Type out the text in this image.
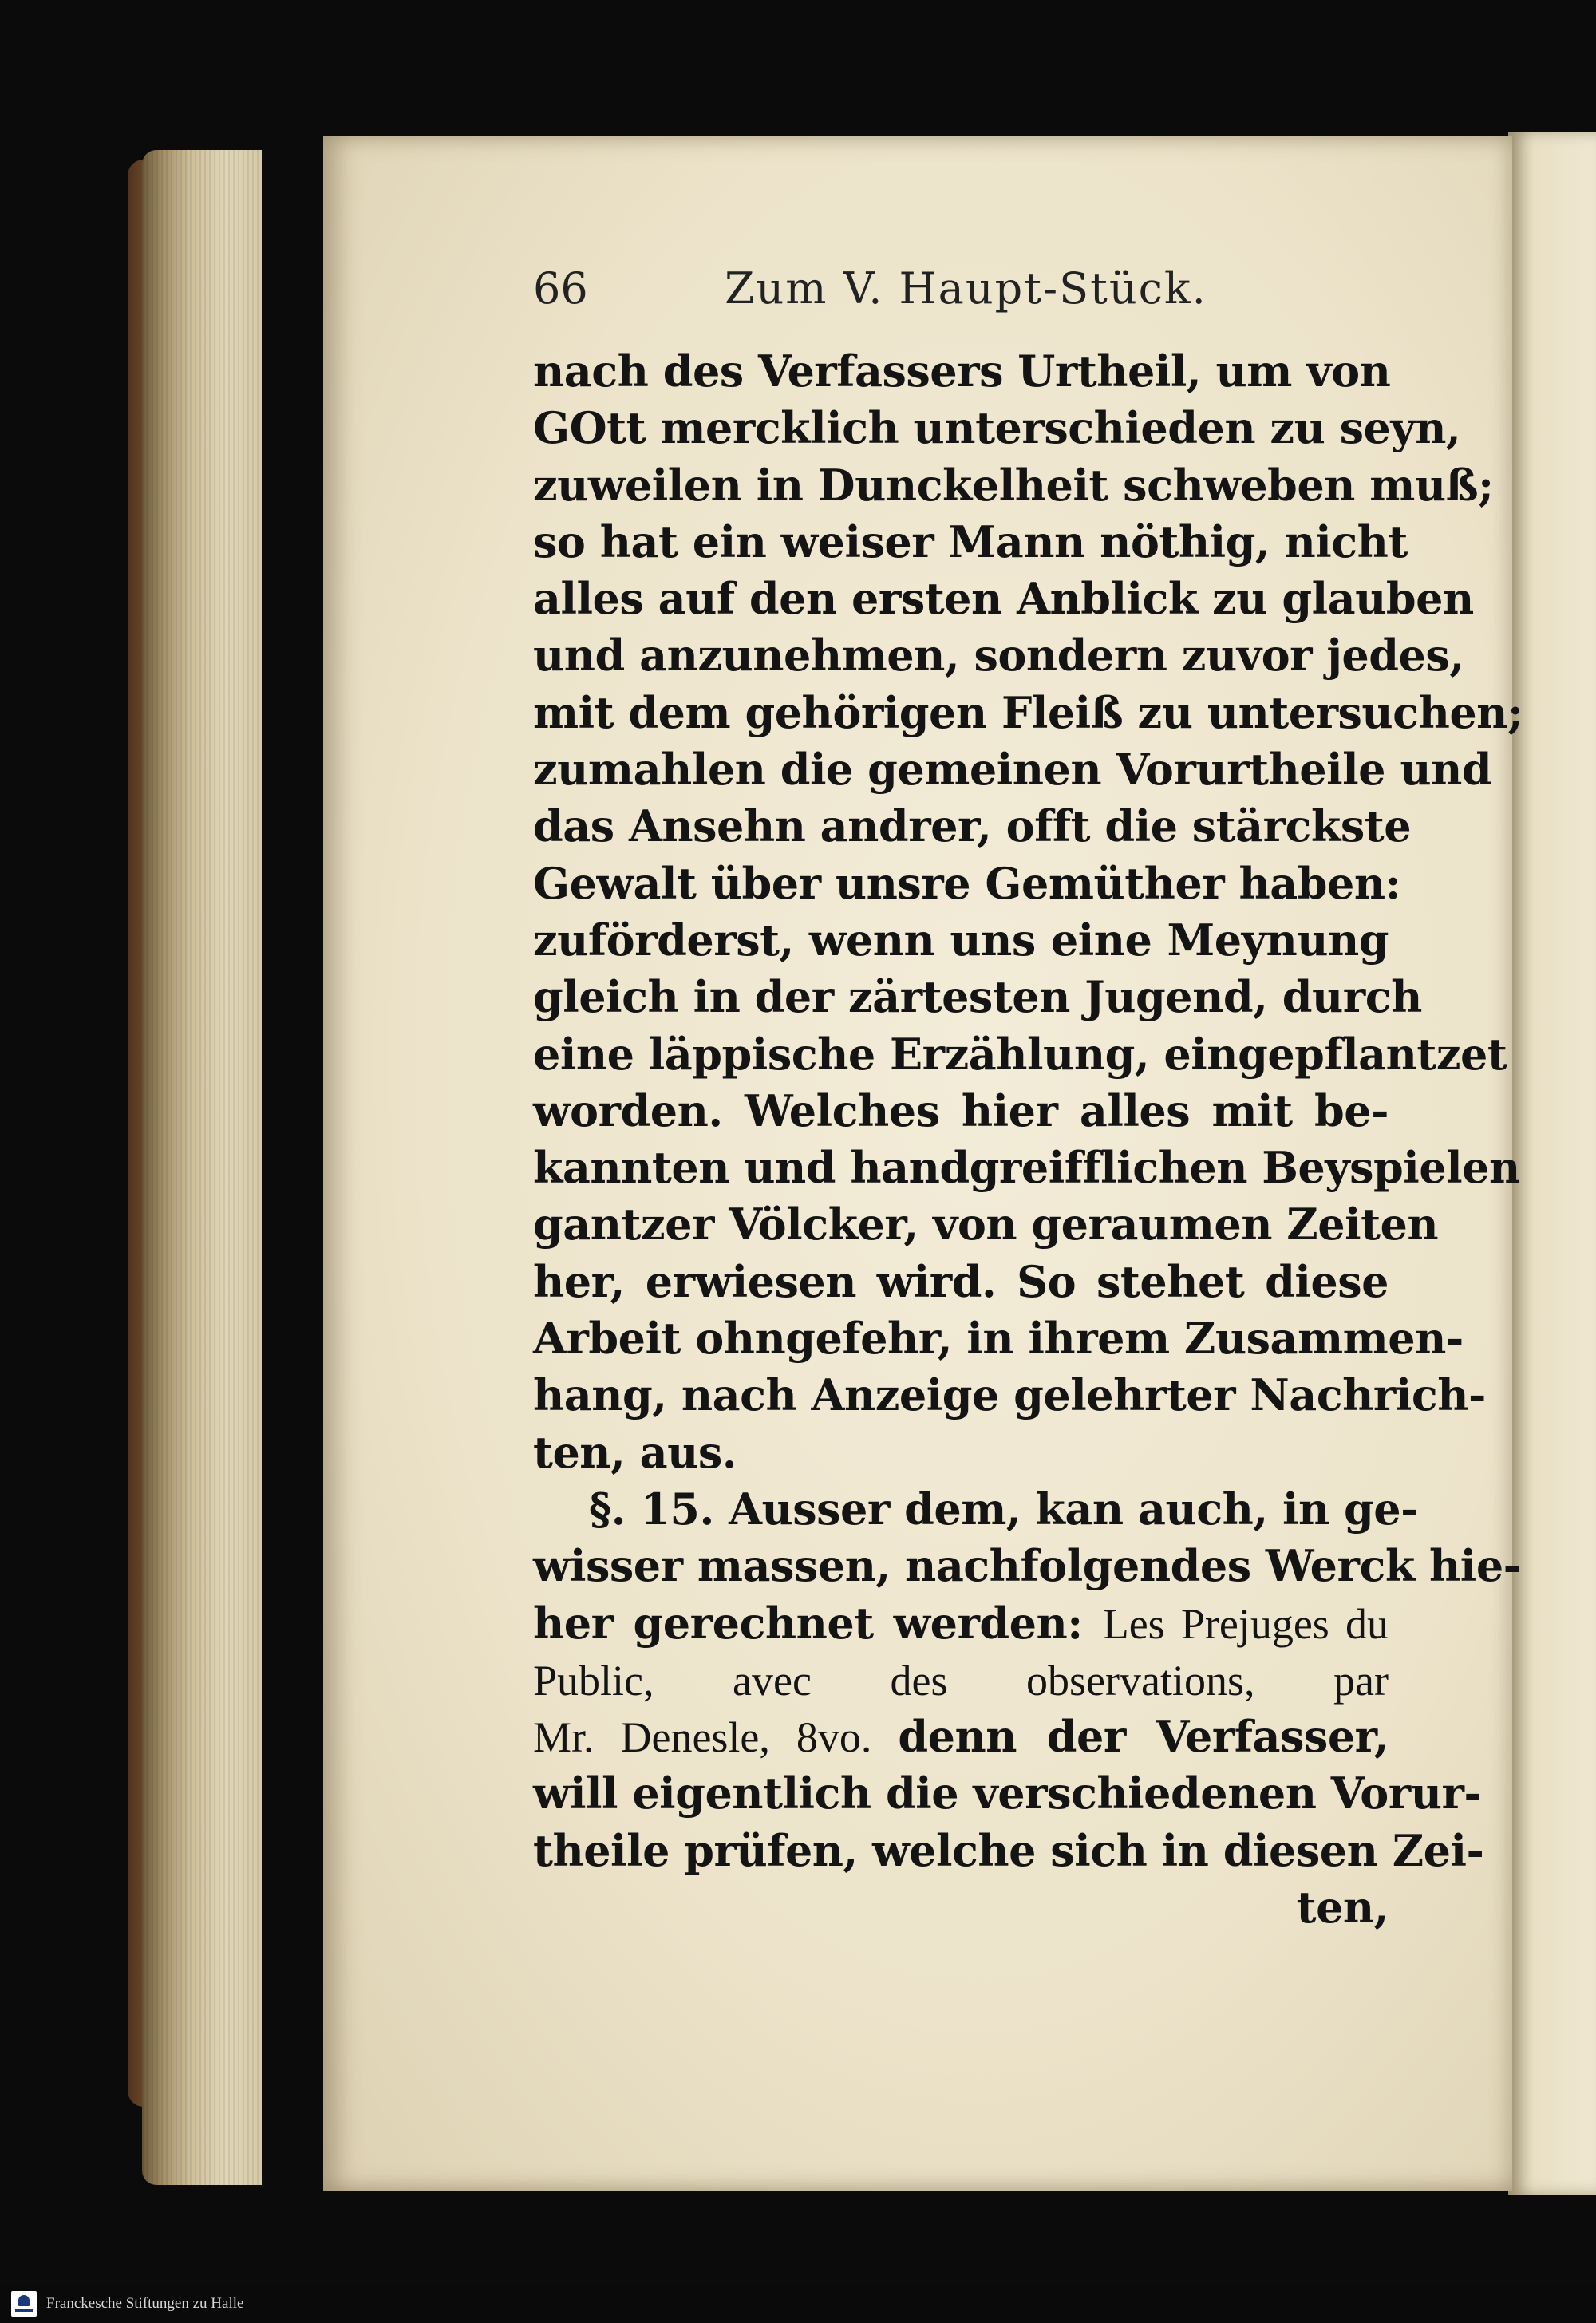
66	Zum V. Haupt-Stück.
nach des Verfassers Urtheil, um von
GOtt mercklich unterschieden zu seyn,
zuweilen in Dunckelheit schweben muß;
so hat ein weiser Mann nöthig, nicht
alles auf den ersten Anblick zu glauben
und anzunehmen, sondern zuvor jedes,
mit dem gehörigen Fleiß zu untersuchen;
zumahlen die gemeinen Vorurtheile und
das Ansehn andrer, offt die stärckste
Gewalt über unsre Gemüther haben:
zuförderst, wenn uns eine Meynung
gleich in der zärtesten Jugend, durch
eine läppische Erzählung, eingepflantzet
worden. Welches hier alles mit be-
kannten und handgreifflichen Beyspielen
gantzer Völcker, von geraumen Zeiten
her, erwiesen wird. So stehet diese
Arbeit ohngefehr, in ihrem Zusammen-
hang, nach Anzeige gelehrter Nachrich-
ten, aus.
§. 15. Ausser dem, kan auch, in ge-
wisser massen, nachfolgendes Werck hie-
her gerechnet werden: Les Prejuges du
Public, avec des observations, par
Mr. Denesle, 8vo. denn der Verfasser,
will eigentlich die verschiedenen Vorur-
theile prüfen, welche sich in diesen Zei-
ten,
Franckesche Stiftungen zu Halle
